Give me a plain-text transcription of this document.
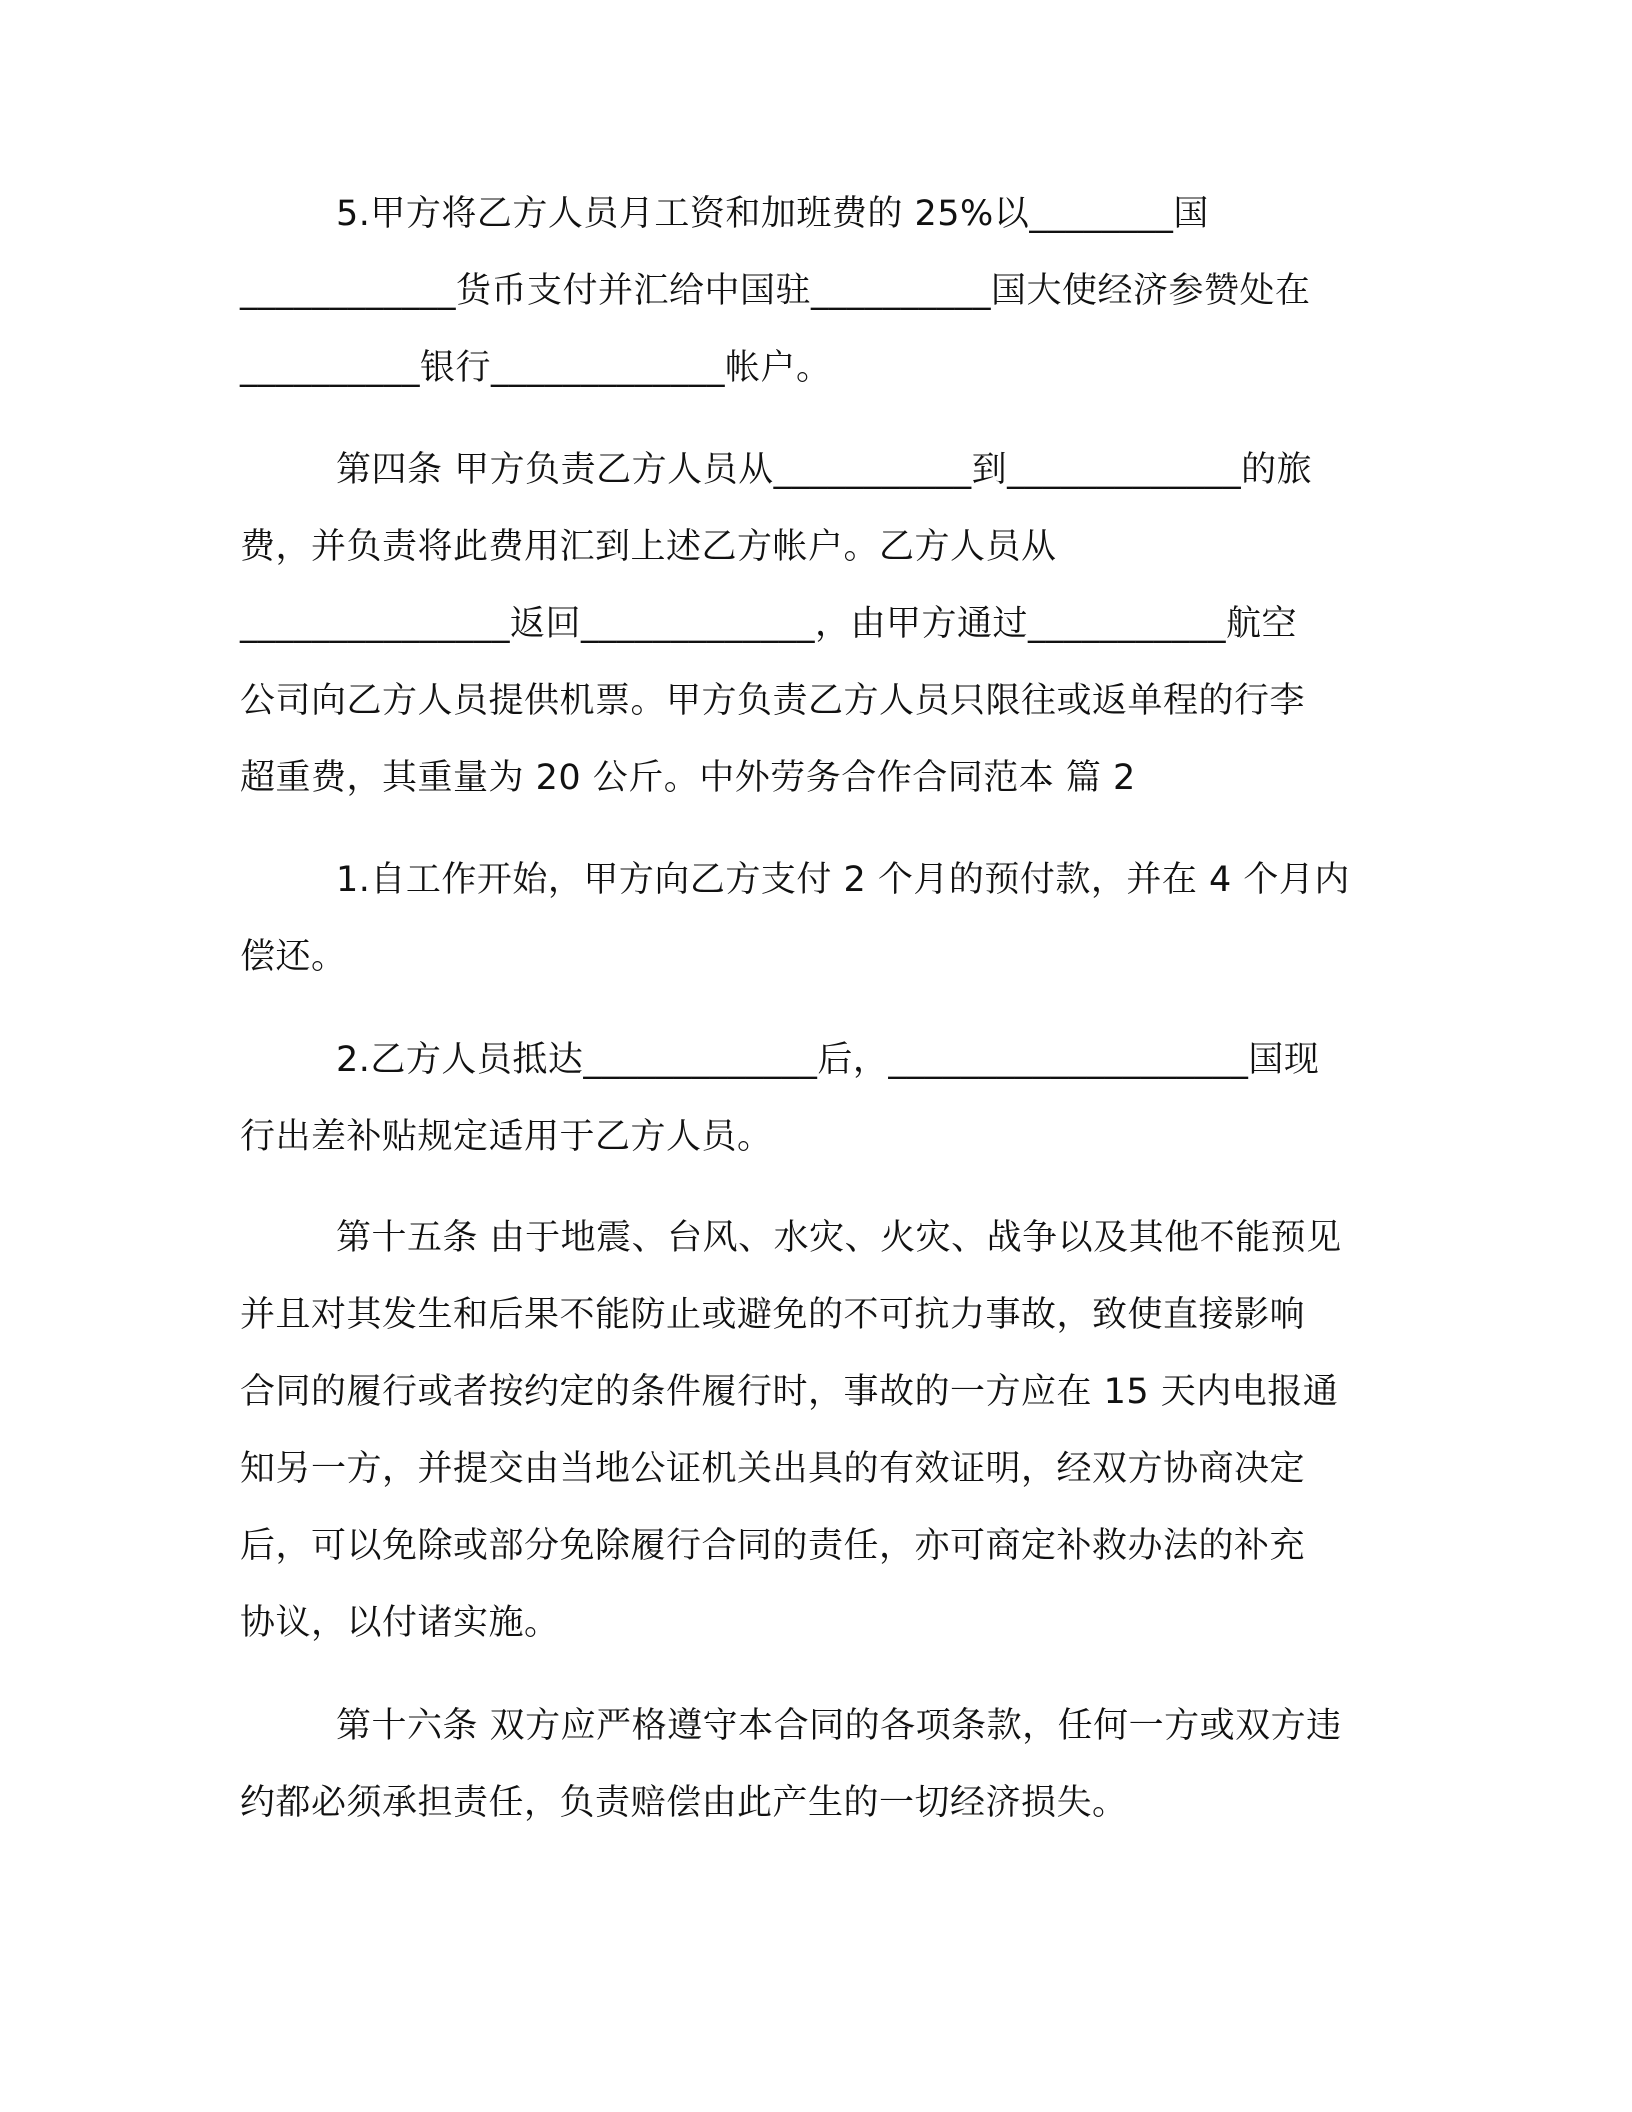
5.甲方将乙方人员月工资和加班费的 25%以________国
____________货币支付并汇给中国驻__________国大使经济参赞处在
__________银行_____________帐户。
第四条 甲方负责乙方人员从___________到_____________的旅
费，并负责将此费用汇到上述乙方帐户。乙方人员从
_______________返回_____________，由甲方通过___________航空
公司向乙方人员提供机票。甲方负责乙方人员只限往或返单程的行李
超重费，其重量为 20 公斤。中外劳务合作合同范本 篇 2
1.自工作开始，甲方向乙方支付 2 个月的预付款，并在 4 个月内
偿还。
2.乙方人员抵达_____________后，____________________国现
行出差补贴规定适用于乙方人员。
第十五条 由于地震、台风、水灾、火灾、战争以及其他不能预见
并且对其发生和后果不能防止或避免的不可抗力事故，致使直接影响
合同的履行或者按约定的条件履行时，事故的一方应在 15 天内电报通
知另一方，并提交由当地公证机关出具的有效证明，经双方协商决定
后，可以免除或部分免除履行合同的责任，亦可商定补救办法的补充
协议，以付诸实施。
第十六条 双方应严格遵守本合同的各项条款，任何一方或双方违
约都必须承担责任，负责赔偿由此产生的一切经济损失。
